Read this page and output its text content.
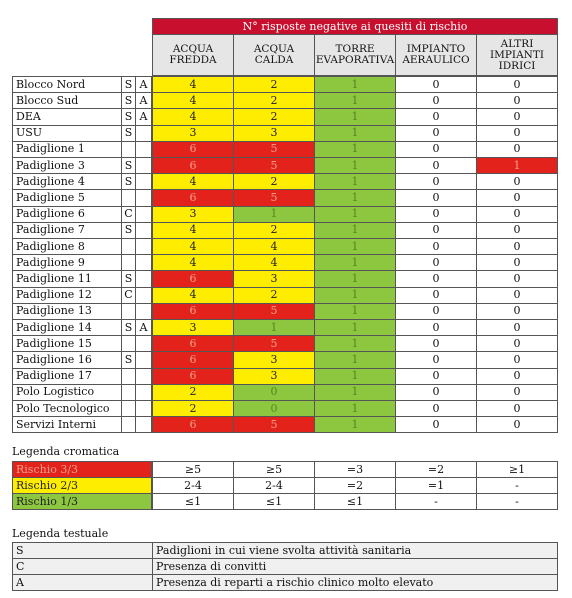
N° risposte negative ai quesiti di rischio
ACQUA
FREDDA
ACQUA
CALDA
TORRE
EVAPORATIVA
IMPIANTO
AERAULICO
ALTRI
IMPIANTI
IDRICI
Blocco Nord	S A	4	2	1	0	0
Blocco Sud	S A	4	2	1	0	0
DEA	S A	4	2	1	0	0
USU	S	3	3	1	0	0
Padiglione 1	6	5	1	0	0
Padiglione 3	S	6	5	1	0	1
Padiglione 4	S	4	2	1	0	0
Padiglione 5	6	5	1	0	0
Padiglione 6	C	3	1	1	0	0
Padiglione 7	S	4	2	1	0	0
Padiglione 8	4	4	1	0	0
Padiglione 9	4	4	1	0	0
Padiglione 11	S	6	3	1	0	0
Padiglione 12	C	4	2	1	0	0
Padiglione 13	6	5	1	0	0
Padiglione 14	S A	3	1	1	0	0
Padiglione 15	6	5	1	0	0
Padiglione 16	S	6	3	1	0	0
Padiglione 17	6	3	1	0	0
Polo Logistico	2	0	1	0	0
Polo Tecnologico	2	0	1	0	0
Servizi Interni	6	5	1	0	0
Legenda cromatica
Rischio 3/3	≥5	≥5	=3	=2	≥1
Rischio 2/3	2-4	2-4	=2	=1	-
Rischio 1/3	≤1	≤1	≤1	-	-
Legenda testuale
S	Padiglioni in cui viene svolta attività sanitaria
C	Presenza di convitti
A	Presenza di reparti a rischio clinico molto elevato
